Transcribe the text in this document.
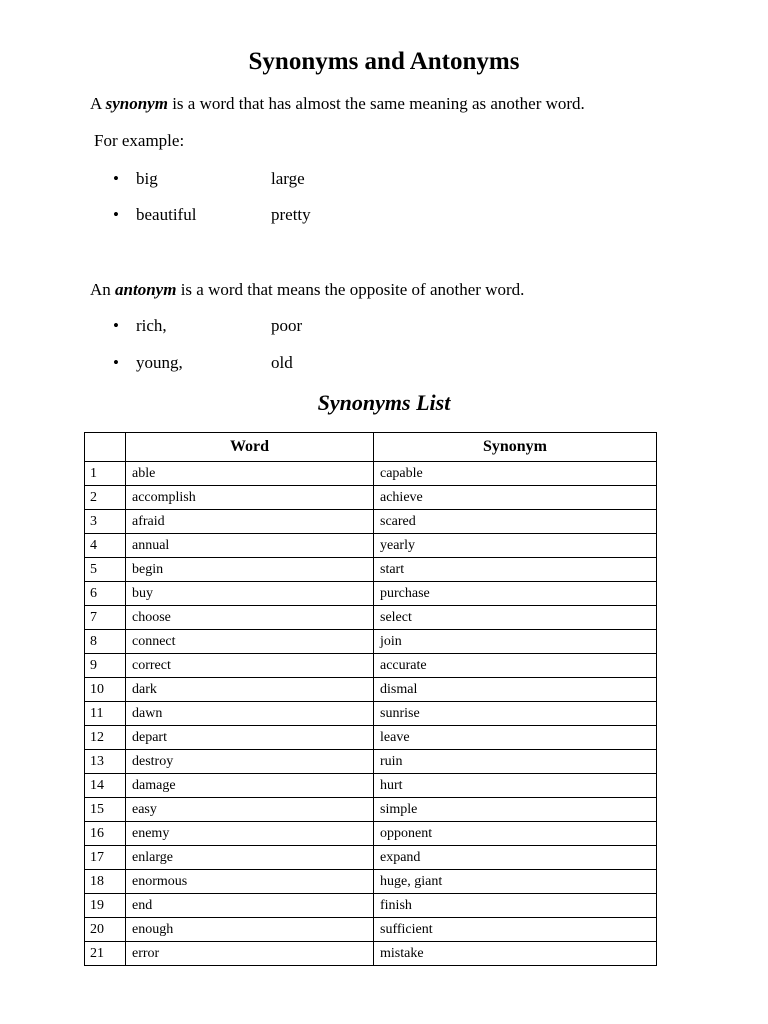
Synonyms and Antonyms
A synonym is a word that has almost the same meaning as another word.
For example:
• big	large
• beautiful	pretty
An antonym is a word that means the opposite of another word.
• rich,	poor
• young,	old
Synonyms List
	Word	Synonym
1	able	capable
2	accomplish	achieve
3	afraid	scared
4	annual	yearly
5	begin	start
6	buy	purchase
7	choose	select
8	connect	join
9	correct	accurate
10	dark	dismal
11	dawn	sunrise
12	depart	leave
13	destroy	ruin
14	damage	hurt
15	easy	simple
16	enemy	opponent
17	enlarge	expand
18	enormous	huge, giant
19	end	finish
20	enough	sufficient
21	error	mistake
